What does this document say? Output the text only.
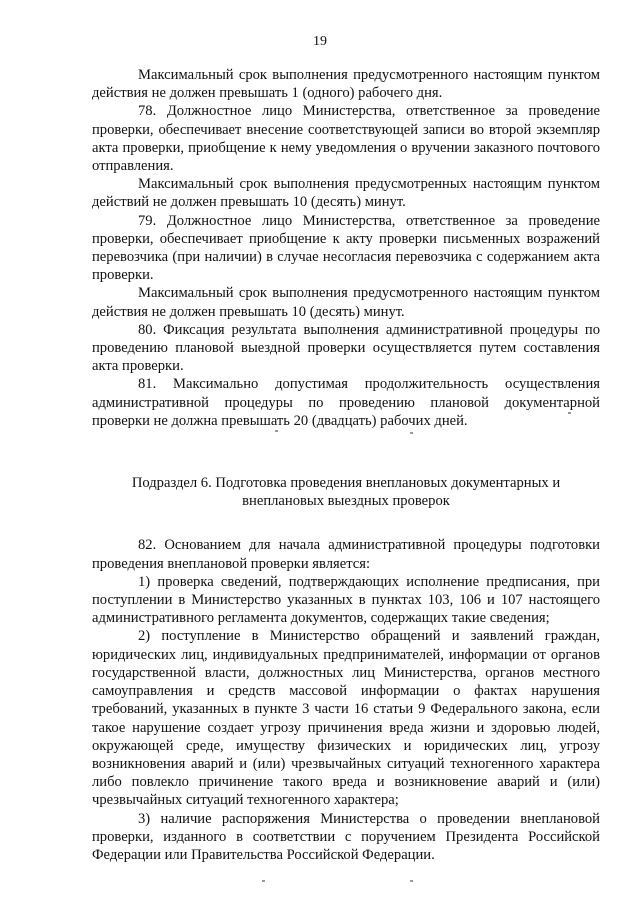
19

Максимальный срок выполнения предусмотренного настоящим пунктом действия не должен превышать 1 (одного) рабочего дня.

78. Должностное лицо Министерства, ответственное за проведение проверки, обеспечивает внесение соответствующей записи во второй экземпляр акта проверки, приобщение к нему уведомления о вручении заказного почтового отправления.

Максимальный срок выполнения предусмотренных настоящим пунктом действий не должен превышать 10 (десять) минут.

79. Должностное лицо Министерства, ответственное за проведение проверки, обеспечивает приобщение к акту проверки письменных возражений перевозчика (при наличии) в случае несогласия перевозчика с содержанием акта проверки.

Максимальный срок выполнения предусмотренного настоящим пунктом действия не должен превышать 10 (десять) минут.

80. Фиксация результата выполнения административной процедуры по проведению плановой выездной проверки осуществляется путем составления акта проверки.

81. Максимально допустимая продолжительность осуществления административной процедуры по проведению плановой документарной проверки не должна превышать 20 (двадцать) рабочих дней.

Подраздел 6. Подготовка проведения внеплановых документарных и внеплановых выездных проверок

82. Основанием для начала административной процедуры подготовки проведения внеплановой проверки является:

1) проверка сведений, подтверждающих исполнение предписания, при поступлении в Министерство указанных в пунктах 103, 106 и 107 настоящего административного регламента документов, содержащих такие сведения;

2) поступление в Министерство обращений и заявлений граждан, юридических лиц, индивидуальных предпринимателей, информации от органов государственной власти, должностных лиц Министерства, органов местного самоуправления и средств массовой информации о фактах нарушения требований, указанных в пункте 3 части 16 статьи 9 Федерального закона, если такое нарушение создает угрозу причинения вреда жизни и здоровью людей, окружающей среде, имуществу физических и юридических лиц, угрозу возникновения аварий и (или) чрезвычайных ситуаций техногенного характера либо повлекло причинение такого вреда и возникновение аварий и (или) чрезвычайных ситуаций техногенного характера;

3) наличие распоряжения Министерства о проведении внеплановой проверки, изданного в соответствии с поручением Президента Российской Федерации или Правительства Российской Федерации.
